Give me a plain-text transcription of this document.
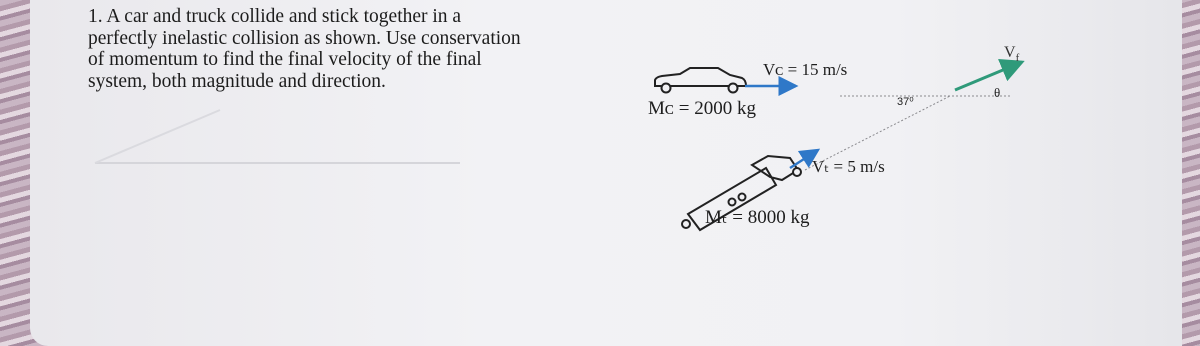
1. A car and truck collide and stick together in a

perfectly inelastic collision as shown. Use conservation

of momentum to find the final velocity of the final

system, both magnitude and direction.

Vᴄ = 15 m/s
Mᴄ = 2000 kg	37⁰
Vₜ = 5 m/s
Mₜ = 8000 kg
$V_f$
θ
